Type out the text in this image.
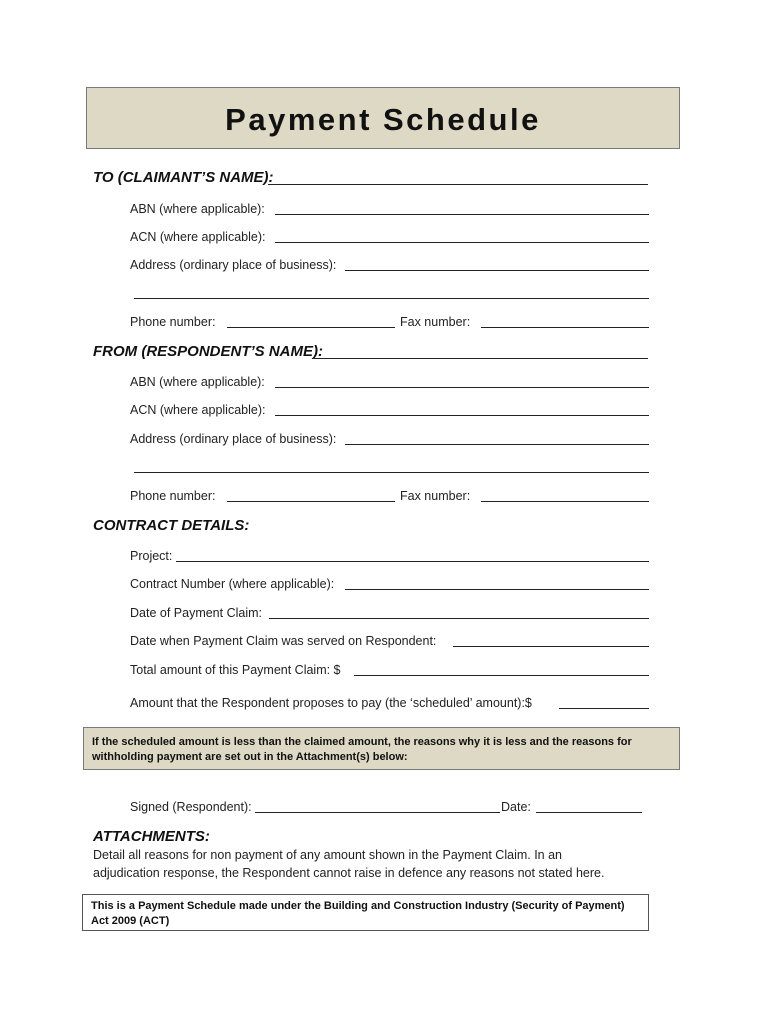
Payment Schedule
TO (CLAIMANT’S NAME):
ABN (where applicable):
ACN (where applicable):
Address (ordinary place of business):
Phone number:	Fax number:
FROM (RESPONDENT’S NAME):
ABN (where applicable):
ACN (where applicable):
Address (ordinary place of business):
Phone number:	Fax number:
CONTRACT DETAILS:
Project:
Contract Number (where applicable):
Date of Payment Claim:
Date when Payment Claim was served on Respondent:
Total amount of this Payment Claim: $
Amount that the Respondent proposes to pay (the ‘scheduled’ amount):$
If the scheduled amount is less than the claimed amount, the reasons why it is less and the reasons for
withholding payment are set out in the Attachment(s) below:
Signed (Respondent):	Date:
ATTACHMENTS:
Detail all reasons for non payment of any amount shown in the Payment Claim. In an
adjudication response, the Respondent cannot raise in defence any reasons not stated here.
This is a Payment Schedule made under the Building and Construction Industry (Security of Payment)
Act 2009 (ACT)
